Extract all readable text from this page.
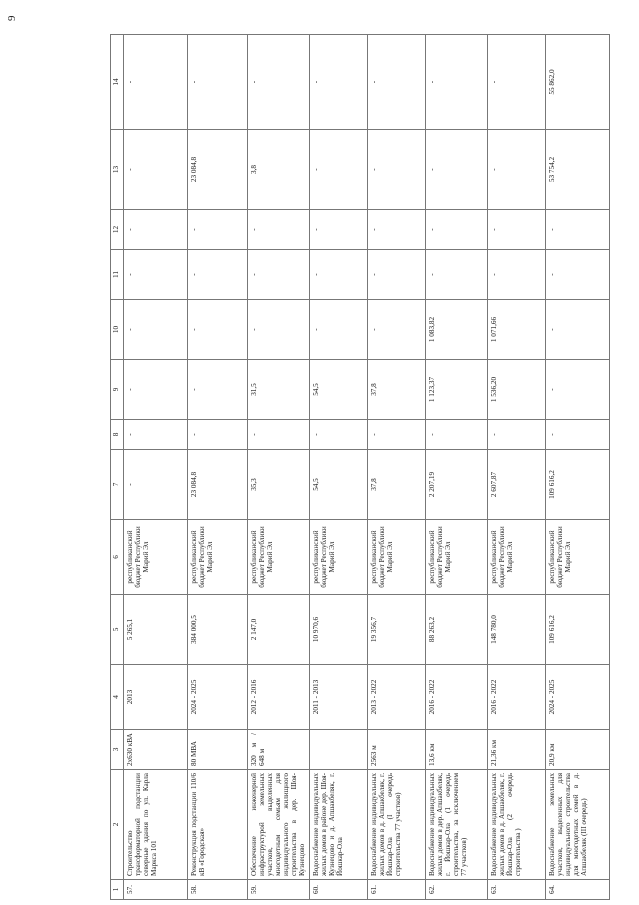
9
1	2	3	4	5	6	7	8	9	10	11	12	13	14
57.	Строительство трансформаторной подстанции северные здания по ул. Карла Маркса 101	2х630 кВА	2013	5 265,1	республиканский бюджет Республики Марий Эл	-	-	-	-	-	-	-	-
58.	Реконструкция подстанции 110/6 кВ «Городская»	80 МВА	2024 - 2025	384 000,5	республиканский бюджет Республики Марий Эл	23 084,8	-	-	-	-	-	23 084,8	-
59.	Обеспечение инженерной инфраструктурой земельных участков, выделенных многодетным семьям для индивидуального жилищного строительства в дер. Шоя-Кузнецово	320 м / 648 м	2012 - 2016	2 147,0	республиканский бюджет Республики Марий Эл	35,3	-	31,5	-	-	-	3,8	-
60.	Водоснабжение индивидуальных жилых домов в районе дер. Шоя-Кузнецово и д. Апшакбеляк, г. Йошкар-Ола		2011 - 2013	10 970,6	республиканский бюджет Республики Марий Эл	54,5	-	54,5	-	-	-	-	-
61.	Водоснабжение индивидуальных жилых домов в д. Апшакбеляк, г. Йошкар-Ола (I очередь строительства 77 участков)	2563 м	2013 - 2022	19 356,7	республиканский бюджет Республики Марий Эл	37,8	-	37,8	-	-	-	-	-
62.	Водоснабжение индивидуальных жилых домов в дер. Апшакбеляк, г. Йошкар-Ола (1 очередь строительства, за исключением 77 участков)	13,6 км	2016 - 2022	88 263,2	республиканский бюджет Республики Марий Эл	2 207,19	-	1 123,37	1 083,82	-	-	-	-
63.	Водоснабжение индивидуальных жилых домов в д. Апшакбеляк, г. Йошкар-Ола (2 очередь строительства )	21,36 км	2016 - 2022	148 780,0	республиканский бюджет Республики Марий Эл	2 607,87	-	1 536,20	1 071,66	-	-	-	-
64.	Водоснабжение земельных участков, выделенных для индивидуального строительства для многодетных семей в д. Апшакбеляк (III очередь)	20,9 км	2024 - 2025	109 616,2	республиканский бюджет Республики Марий Эл	109 616,2	-	-	-	-	-	53 754,2	55 862,0
